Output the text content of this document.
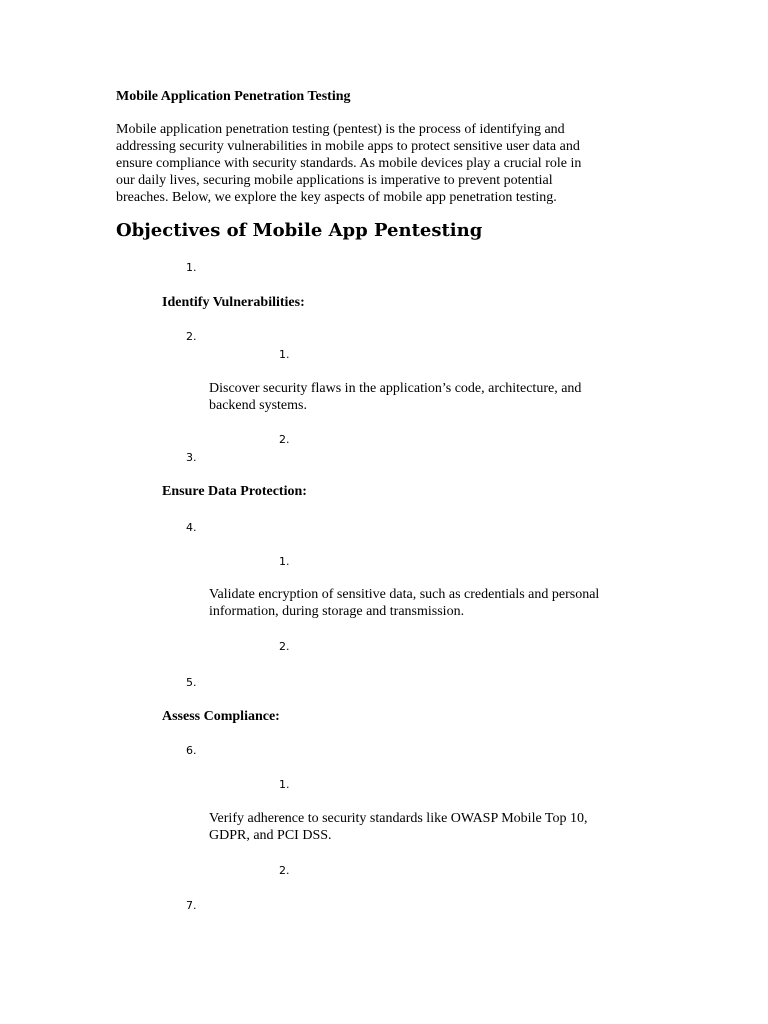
Mobile Application Penetration Testing
Mobile application penetration testing (pentest) is the process of identifying and
addressing security vulnerabilities in mobile apps to protect sensitive user data and
ensure compliance with security standards. As mobile devices play a crucial role in
our daily lives, securing mobile applications is imperative to prevent potential
breaches. Below, we explore the key aspects of mobile app penetration testing.
Objectives of Mobile App Pentesting
1.
Identify Vulnerabilities:
2.
1.
Discover security flaws in the application’s code, architecture, and
backend systems.
2.
3.
Ensure Data Protection:
4.
1.
Validate encryption of sensitive data, such as credentials and personal
information, during storage and transmission.
2.
5.
Assess Compliance:
6.
1.
Verify adherence to security standards like OWASP Mobile Top 10,
GDPR, and PCI DSS.
2.
7.
